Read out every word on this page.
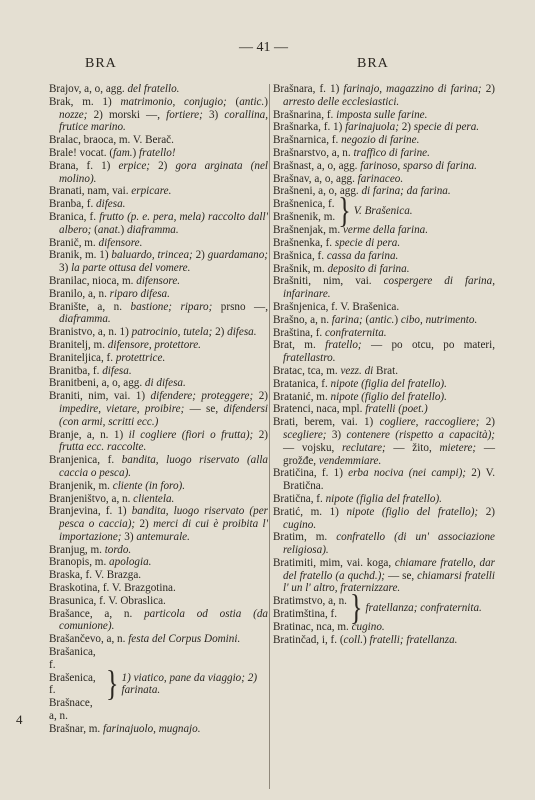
BRA
— 41 —
BRA

Brajov, a, o, agg. del fratello.

Brak, m. 1) matrimonio, conjugio; (antic.) nozze; 2) morski —, fortiere; 3) corallina, frutice marino.

Bralac, braoca, m. V. Berač.

Brale! vocat. (fam.) fratello!

Brana, f. 1) erpice; 2) gora arginata (nel molino).

Branati, nam, vai. erpicare.

Branba, f. difesa.

Branica, f. frutto (p. e. pera, mela) raccolto dall' albero; (anat.) diaframma.

Branič, m. difensore.

Branik, m. 1) baluardo, trincea; 2) guardamano; 3) la parte ottusa del vomere.

Branilac, nioca, m. difensore.

Branilo, a, n. riparo difesa.

Branište, a, n. bastione; riparo; prsno —, diaframma.

Branistvo, a, n. 1) patrocinio, tutela; 2) difesa.

Branitelj, m. difensore, protettore.

Braniteljica, f. protettrice.

Branitba, f. difesa.

Branitbeni, a, o, agg. di difesa.

Braniti, nim, vai. 1) difendere; proteggere; 2) impedire, vietare, proibire; — se, difendersi (con armi, scritti ecc.)

Branje, a, n. 1) il cogliere (fiori o frutta); 2) frutta ecc. raccolte.

Branjenica, f. bandita, luogo riservato (alla caccia o pesca).

Branjenik, m. cliente (in foro).

Branjeništvo, a, n. clientela.

Branjevina, f. 1) bandita, luogo riservato (per pesca o caccia); 2) merci di cui è proibita l' importazione; 3) antemurale.

Branjug, m. tordo.

Branopis, m. apologia.

Braska, f. V. Brazga.

Braskotina, f. V. Brazgotina.

Brasunica, f. V. Obraslica.

Brašance, a, n. particola od ostia (da comunione).

Brašančevo, a, n. festa del Corpus Domini.

Brašanica, f.
Brašenica, f.
Brašnace, a, n.
} 1) viatico, pane da viaggio; 2) farinata.

Brašnar, m. farinajuolo, mugnajo.

Brašnara, f. 1) farinajo, magazzino di farina; 2) arresto delle ecclesiastici.

Brašnarina, f. imposta sulle farine.

Brašnarka, f. 1) farinajuola; 2) specie di pera.

Brašnarnica, f. negozio di farine.

Brašnarstvo, a, n. traffico di farine.

Brašnast, a, o, agg. farinoso, sparso di farina.

Brašnav, a, o, agg. farinaceo.

Brašneni, a, o, agg. di farina; da farina.

Brašnenica, f.
Brašnenik, m. } V. Brašenica.

Brašnenjak, m. verme della farina.

Brašnenka, f. specie di pera.

Brašnica, f. cassa da farina.

Brašnik, m. deposito di farina.

Brašniti, nim, vai. cospergere di farina, infarinare.

Brašnjenica, f. V. Brašenica.

Brašno, a, n. farina; (antic.) cibo, nutrimento.

Braština, f. confraternita.

Brat, m. fratello; — po otcu, po materi, fratellastro.

Bratac, tca, m. vezz. di Brat.

Bratanica, f. nipote (figlia del fratello).

Bratanić, m. nipote (figlio del fratello).

Bratenci, naca, mpl. fratelli (poet.)

Brati, berem, vai. 1) cogliere, raccogliere; 2) scegliere; 3) contenere (rispetto a capacità); — vojsku, reclutare; — žito, mietere; — grožđe, vendemmiare.

Bratičina, f. 1) erba nociva (nei campi); 2) V. Bratična.

Bratična, f. nipote (figlia del fratello).

Bratić, m. 1) nipote (figlio del fratello); 2) cugino.

Bratim, m. confratello (di un' associazione religiosa).

Bratimiti, mim, vai. koga, chiamare fratello, dar del fratello (a quchd.); — se, chiamarsi fratelli l' un l' altro, fraternizzare.

Bratimstvo, a, n.
Bratimština, f. } fratellanza; confraternita.

Bratinac, nca, m. cugino.

Bratinčad, i, f. (coll.) fratelli; fratellanza.

4
